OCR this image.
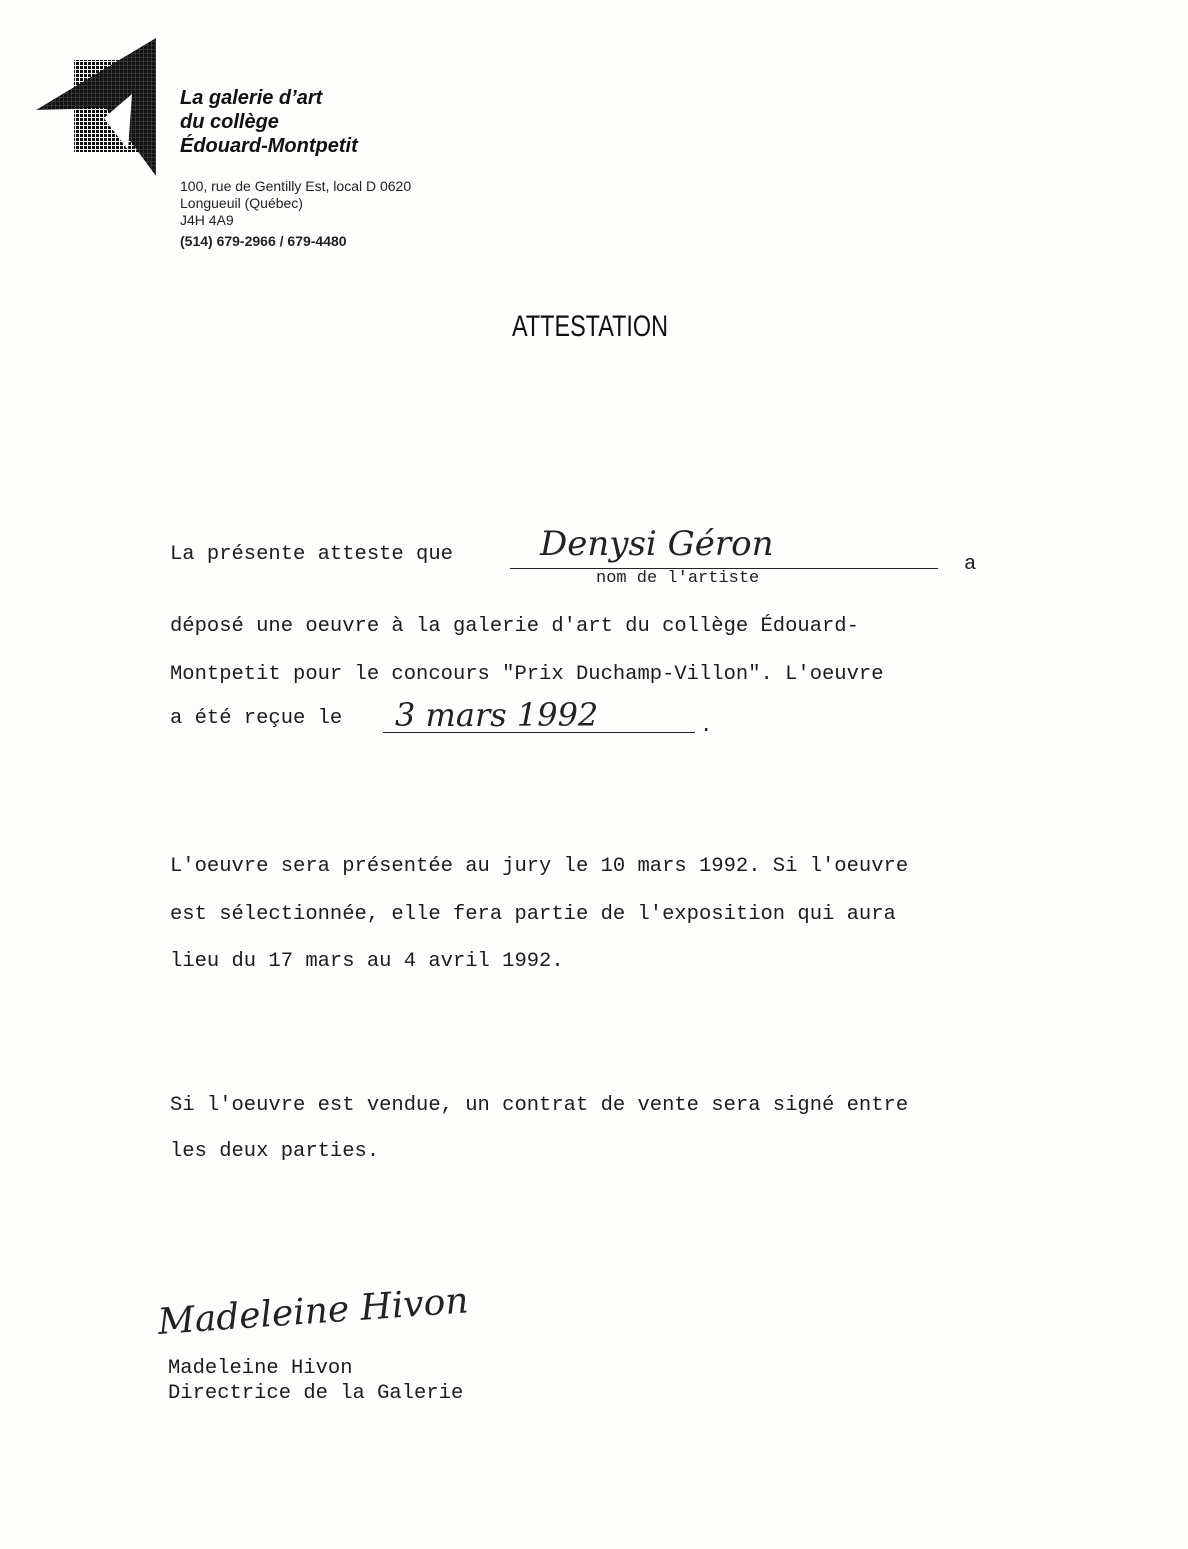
La galerie d’art
du collège
Édouard-Montpetit
100, rue de Gentilly Est, local D 0620
Longueuil (Québec)
J4H 4A9
(514) 679-2966 / 679-4480
ATTESTATION
La présente atteste que	Denysi Géron
nom de l'artiste
a
déposé une oeuvre à la galerie d'art du collège Édouard-
Montpetit pour le concours "Prix Duchamp-Villon". L'oeuvre
a été reçue le 3 mars 1992	.
L'oeuvre sera présentée au jury le 10 mars 1992. Si l'oeuvre
est sélectionnée, elle fera partie de l'exposition qui aura
lieu du 17 mars au 4 avril 1992.
Si l'oeuvre est vendue, un contrat de vente sera signé entre
les deux parties.
Madeleine Hivon
Madeleine Hivon
Directrice de la Galerie
